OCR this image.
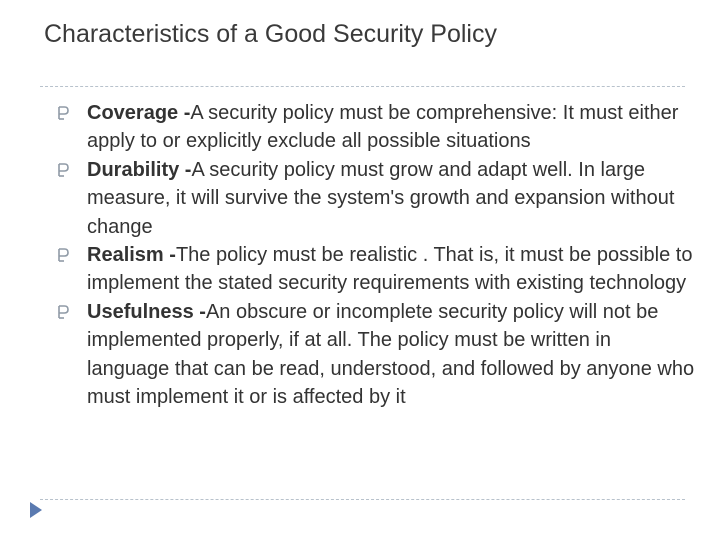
Characteristics of a Good Security Policy
Coverage -A security policy must be comprehensive: It must either apply to or explicitly exclude all possible situations
Durability -A security policy must grow and adapt well. In large measure, it will survive the system's growth and expansion without change
Realism -The policy must be realistic . That is, it must be possible to implement the stated security requirements with existing technology
Usefulness -An obscure or incomplete security policy will not be implemented properly, if at all. The policy must be written in language that can be read, understood, and followed by anyone who must implement it or is affected by it
